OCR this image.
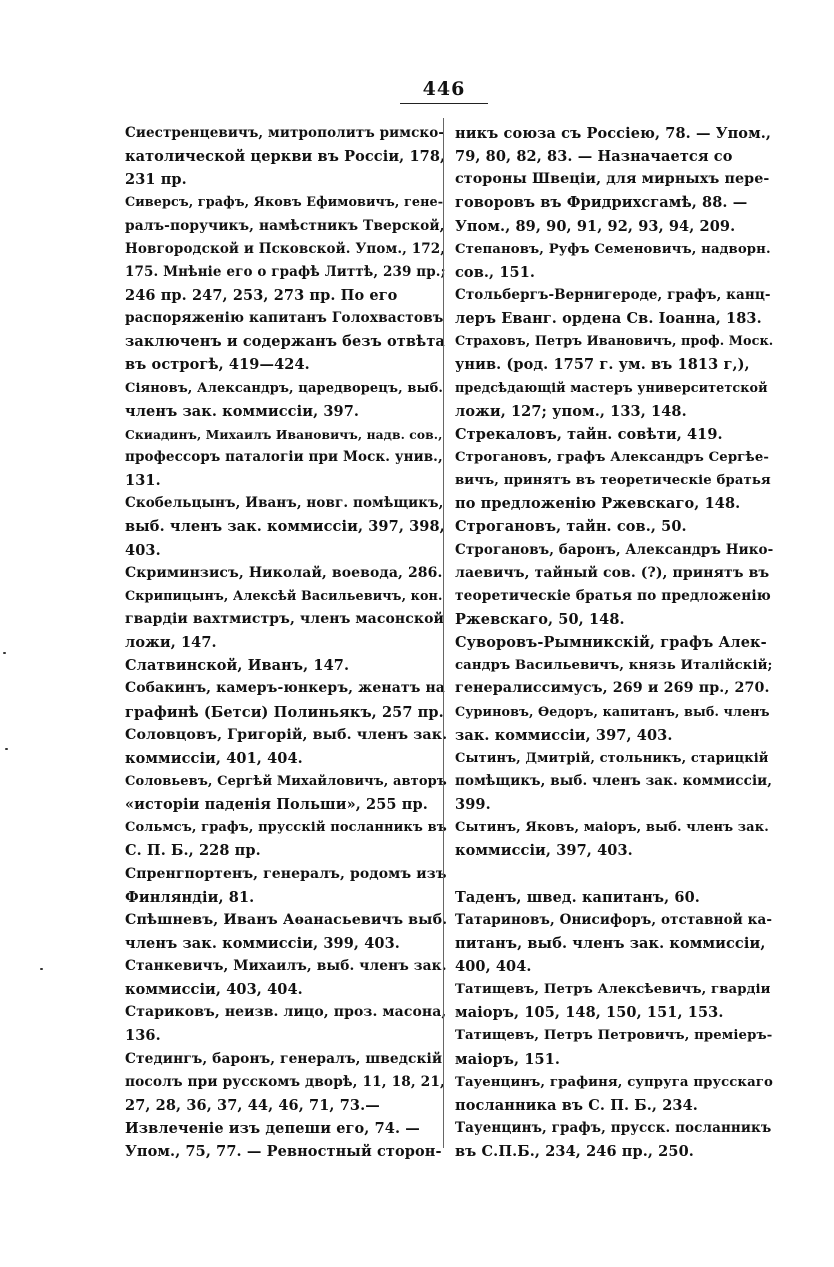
446
Сиестренцевичъ, митрополитъ римско-
католической церкви въ Россіи, 178,
231 пр.
Сиверсъ, графъ, Яковъ Ефимовичъ, гене-
ралъ-поручикъ, намѣстникъ Тверской,
Новгородской и Псковской. Упом., 172,
175. Мнѣніе его о графѣ Литтѣ, 239 пр.;
246 пр. 247, 253, 273 пр. По его
распоряженію капитанъ Голохвастовъ
заключенъ и содержанъ безъ отвѣта
въ острогѣ, 419—424.
Сіяновъ, Александръ, царедворецъ, выб.
членъ зак. коммиссіи, 397.
Скиадинъ, Михаилъ Ивановичъ, надв. сов.,
профессоръ паталогіи при Моск. унив.,
131.
Скобельцынъ, Иванъ, новг. помѣщикъ,
выб. членъ зак. коммиссіи, 397, 398,
403.
Скриминзисъ, Николай, воевода, 286.
Скрипицынъ, Алексѣй Васильевичъ, кон.
гвардіи вахтмистръ, членъ масонской
ложи, 147.
Слатвинской, Иванъ, 147.
Собакинъ, камеръ-юнкеръ, женатъ на
графинѣ (Бетси) Полиньякъ, 257 пр.
Соловцовъ, Григорій, выб. членъ зак.
коммиссіи, 401, 404.
Соловьевъ, Сергѣй Михайловичъ, авторъ
«исторіи паденія Польши», 255 пр.
Сольмсъ, графъ, прусскій посланникъ въ
С. П. Б., 228 пр.
Спренгпортенъ, генералъ, родомъ изъ
Финляндіи, 81.
Спѣшневъ, Иванъ Аѳанасьевичъ выб.
членъ зак. коммиссіи, 399, 403.
Станкевичъ, Михаилъ, выб. членъ зак.
коммиссіи, 403, 404.
Стариковъ, неизв. лицо, проз. масона,
136.
Стедингъ, баронъ, генералъ, шведскій
посолъ при русскомъ дворѣ, 11, 18, 21,
27, 28, 36, 37, 44, 46, 71, 73.—
Извлеченіе изъ депеши его, 74. —
Упом., 75, 77. — Ревностный сторон-
никъ союза съ Россіею, 78. — Упом.,
79, 80, 82, 83. — Назначается со
стороны Швеціи, для мирныхъ пере-
говоровъ въ Фридрихсгамѣ, 88. —
Упом., 89, 90, 91, 92, 93, 94, 209.
Степановъ, Руфъ Семеновичъ, надворн.
сов., 151.
Стольбергъ-Вернигероде, графъ, канц-
леръ Еванг. ордена Св. Іоанна, 183.
Страховъ, Петръ Ивановичъ, проф. Моск.
унив. (род. 1757 г. ум. въ 1813 г,),
предсѣдающій мастеръ университетской
ложи, 127; упом., 133, 148.
Стрекаловъ, тайн. совѣти, 419.
Строгановъ, графъ Александръ Сергѣе-
вичъ, принятъ въ теоретическіе братья
по предложенію Ржевскаго, 148.
Строгановъ, тайн. сов., 50.
Строгановъ, баронъ, Александръ Нико-
лаевичъ, тайный сов. (?), принятъ въ
теоретическіе братья по предложенію
Ржевскаго, 50, 148.
Суворовъ-Рымникскій, графъ Алек-
сандръ Васильевичъ, князь Италійскій;
генералиссимусъ, 269 и 269 пр., 270.
Суриновъ, Ѳедоръ, капитанъ, выб. членъ
зак. коммиссіи, 397, 403.
Сытинъ, Дмитрій, стольникъ, старицкій
помѣщикъ, выб. членъ зак. коммиссіи,
399.
Сытинъ, Яковъ, маіоръ, выб. членъ зак.
коммиссіи, 397, 403.
Таденъ, швед. капитанъ, 60.
Татариновъ, Онисифоръ, отставной ка-
питанъ, выб. членъ зак. коммиссіи,
400, 404.
Татищевъ, Петръ Алексѣевичъ, гвардіи
маіоръ, 105, 148, 150, 151, 153.
Татищевъ, Петръ Петровичъ, премiеръ-
маіоръ, 151.
Тауенцинъ, графиня, супруга прусскаго
посланника въ С. П. Б., 234.
Тауенцинъ, графъ, прусск. посланникъ
въ С.П.Б., 234, 246 пр., 250.
